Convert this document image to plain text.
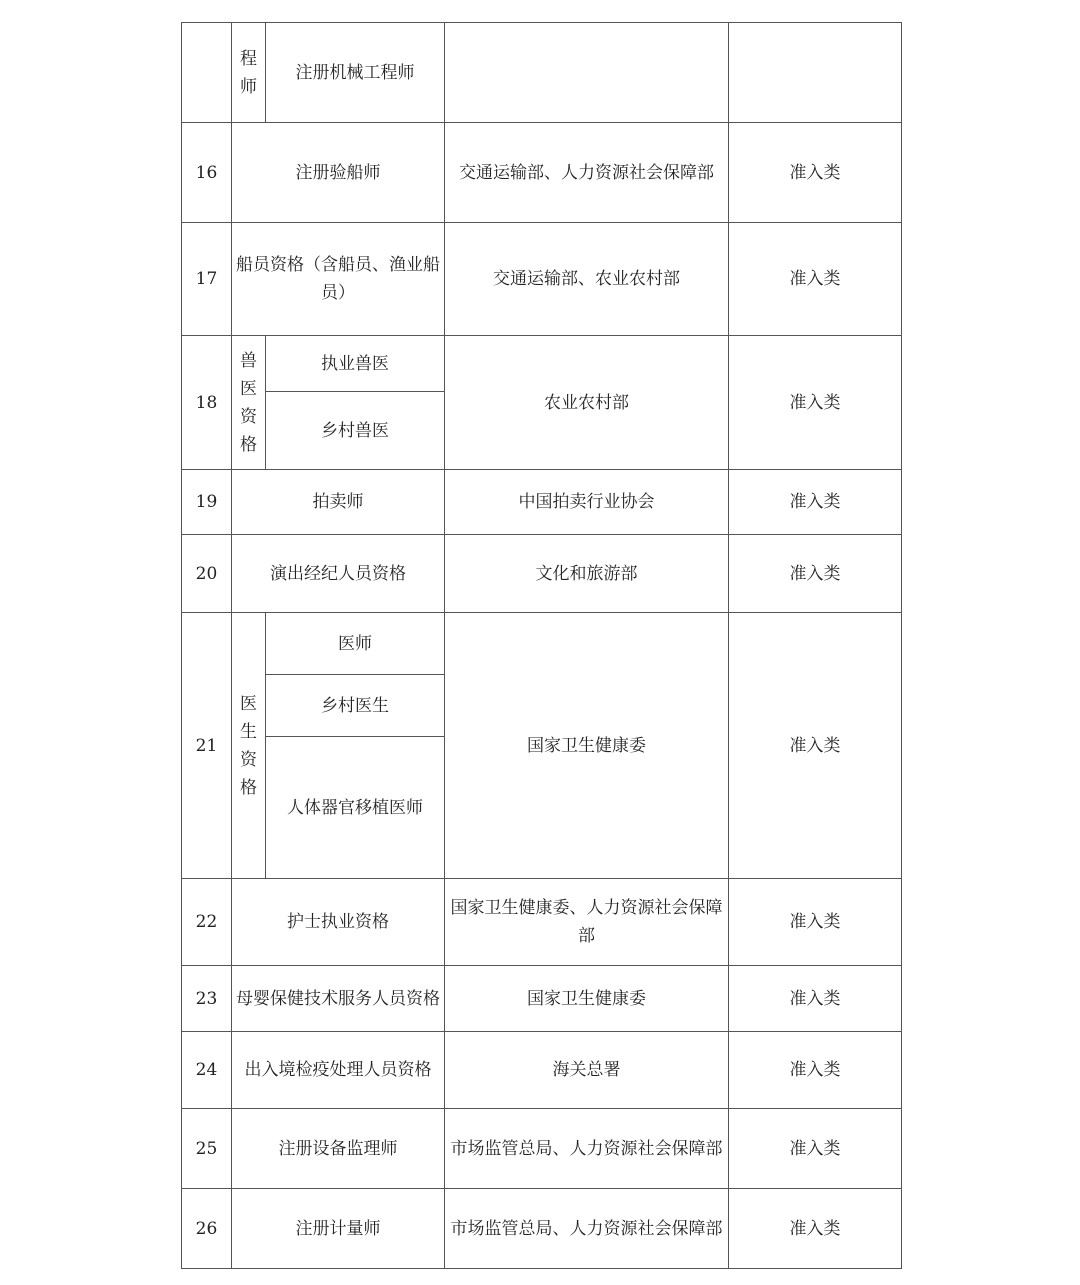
	程师	注册机械工程师		
16	注册验船师		交通运输部、人力资源社会保障部	准入类
17	船员资格（含船员、渔业船员）		交通运输部、农业农村部	准入类
18	兽医资格	执业兽医	农业农村部	准入类
		乡村兽医		
19	拍卖师		中国拍卖行业协会	准入类
20	演出经纪人员资格		文化和旅游部	准入类
21	医生资格	医师	国家卫生健康委	准入类
		乡村医生		
		人体器官移植医师		
22	护士执业资格		国家卫生健康委、人力资源社会保障部	准入类
23	母婴保健技术服务人员资格		国家卫生健康委	准入类
24	出入境检疫处理人员资格		海关总署	准入类
25	注册设备监理师		市场监管总局、人力资源社会保障部	准入类
26	注册计量师		市场监管总局、人力资源社会保障部	准入类
